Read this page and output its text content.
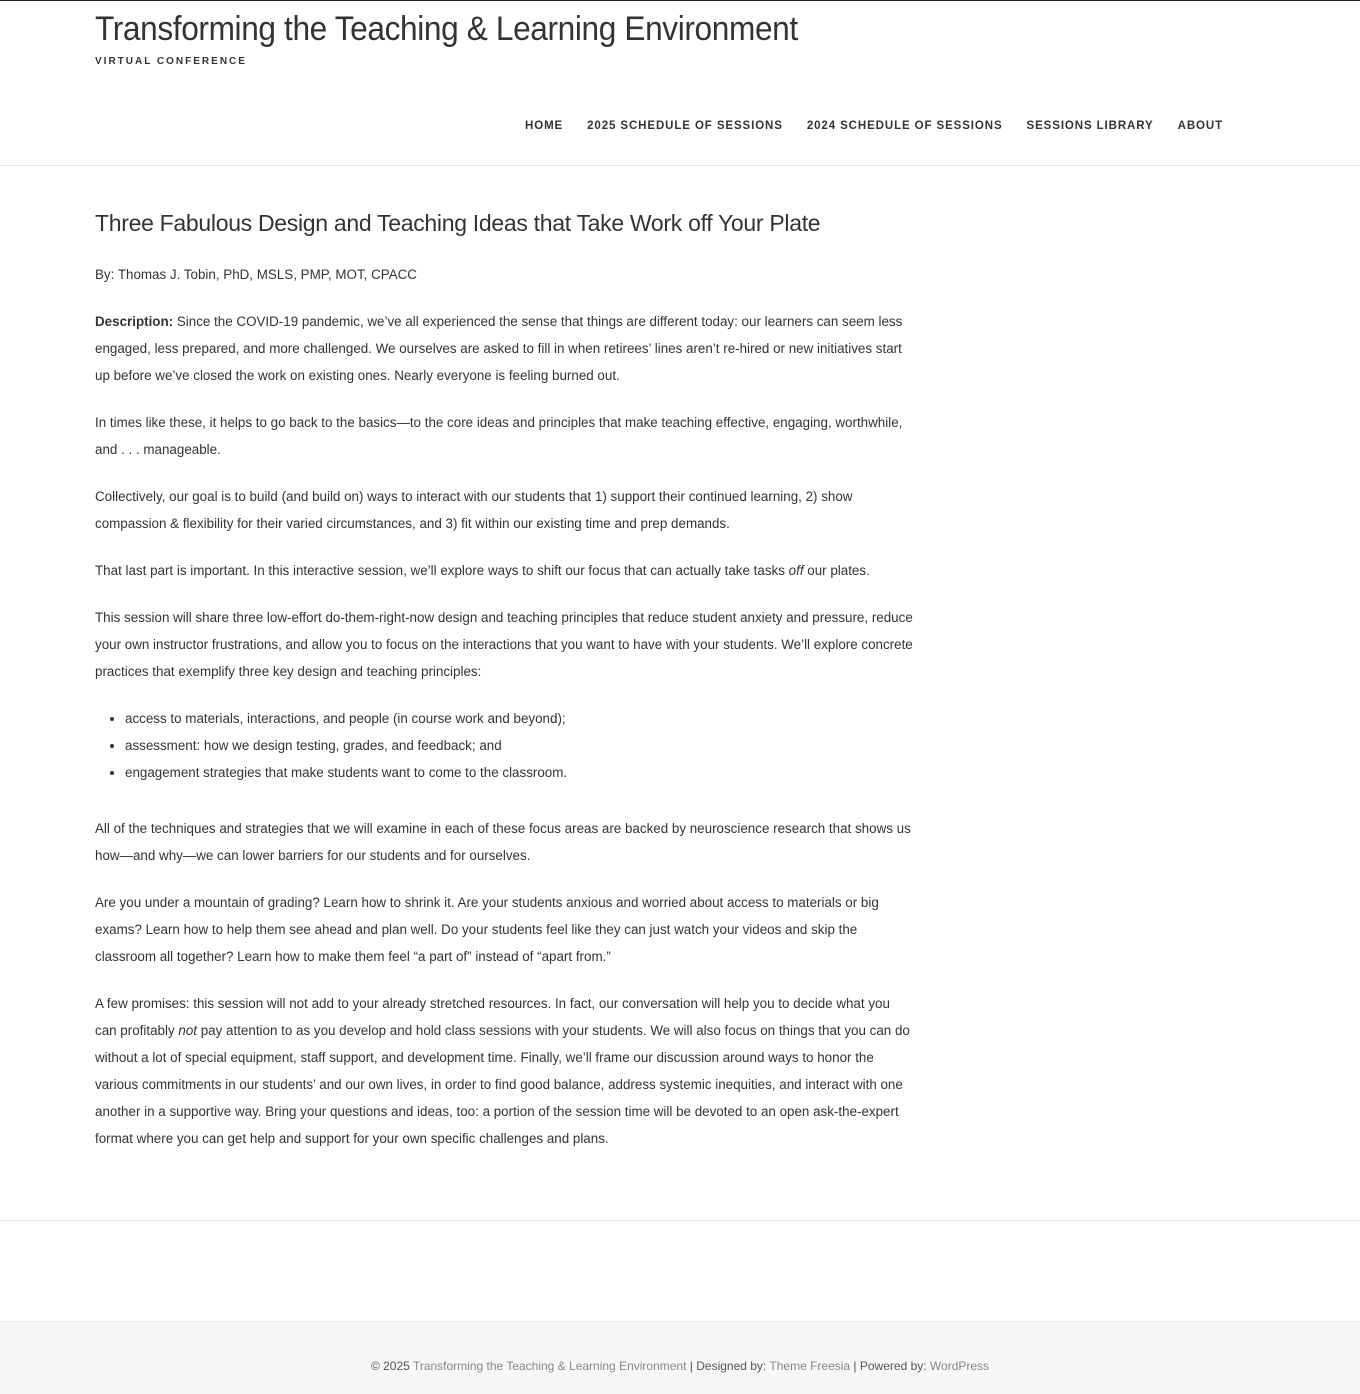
Transforming the Teaching & Learning Environment
VIRTUAL CONFERENCE
HOME 2025 SCHEDULE OF SESSIONS 2024 SCHEDULE OF SESSIONS SESSIONS LIBRARY ABOUT
Three Fabulous Design and Teaching Ideas that Take Work off Your Plate

By: Thomas J. Tobin, PhD, MSLS, PMP, MOT, CPACC

Description: Since the COVID-19 pandemic, we’ve all experienced the sense that things are different today: our learners can seem less engaged, less prepared, and more challenged. We ourselves are asked to fill in when retirees’ lines aren’t re-hired or new initiatives start up before we’ve closed the work on existing ones. Nearly everyone is feeling burned out.

In times like these, it helps to go back to the basics—to the core ideas and principles that make teaching effective, engaging, worthwhile, and . . . manageable.

Collectively, our goal is to build (and build on) ways to interact with our students that 1) support their continued learning, 2) show compassion & flexibility for their varied circumstances, and 3) fit within our existing time and prep demands.

That last part is important. In this interactive session, we’ll explore ways to shift our focus that can actually take tasks off our plates.

This session will share three low-effort do-them-right-now design and teaching principles that reduce student anxiety and pressure, reduce your own instructor frustrations, and allow you to focus on the interactions that you want to have with your students. We’ll explore concrete practices that exemplify three key design and teaching principles:

• access to materials, interactions, and people (in course work and beyond);
• assessment: how we design testing, grades, and feedback; and
• engagement strategies that make students want to come to the classroom.

All of the techniques and strategies that we will examine in each of these focus areas are backed by neuroscience research that shows us how—and why—we can lower barriers for our students and for ourselves.

Are you under a mountain of grading? Learn how to shrink it. Are your students anxious and worried about access to materials or big exams? Learn how to help them see ahead and plan well. Do your students feel like they can just watch your videos and skip the classroom all together? Learn how to make them feel “a part of” instead of “apart from.”

A few promises: this session will not add to your already stretched resources. In fact, our conversation will help you to decide what you can profitably not pay attention to as you develop and hold class sessions with your students. We will also focus on things that you can do without a lot of special equipment, staff support, and development time. Finally, we’ll frame our discussion around ways to honor the various commitments in our students’ and our own lives, in order to find good balance, address systemic inequities, and interact with one another in a supportive way. Bring your questions and ideas, too: a portion of the session time will be devoted to an open ask-the-expert format where you can get help and support for your own specific challenges and plans.

© 2025 Transforming the Teaching & Learning Environment | Designed by: Theme Freesia | Powered by: WordPress
